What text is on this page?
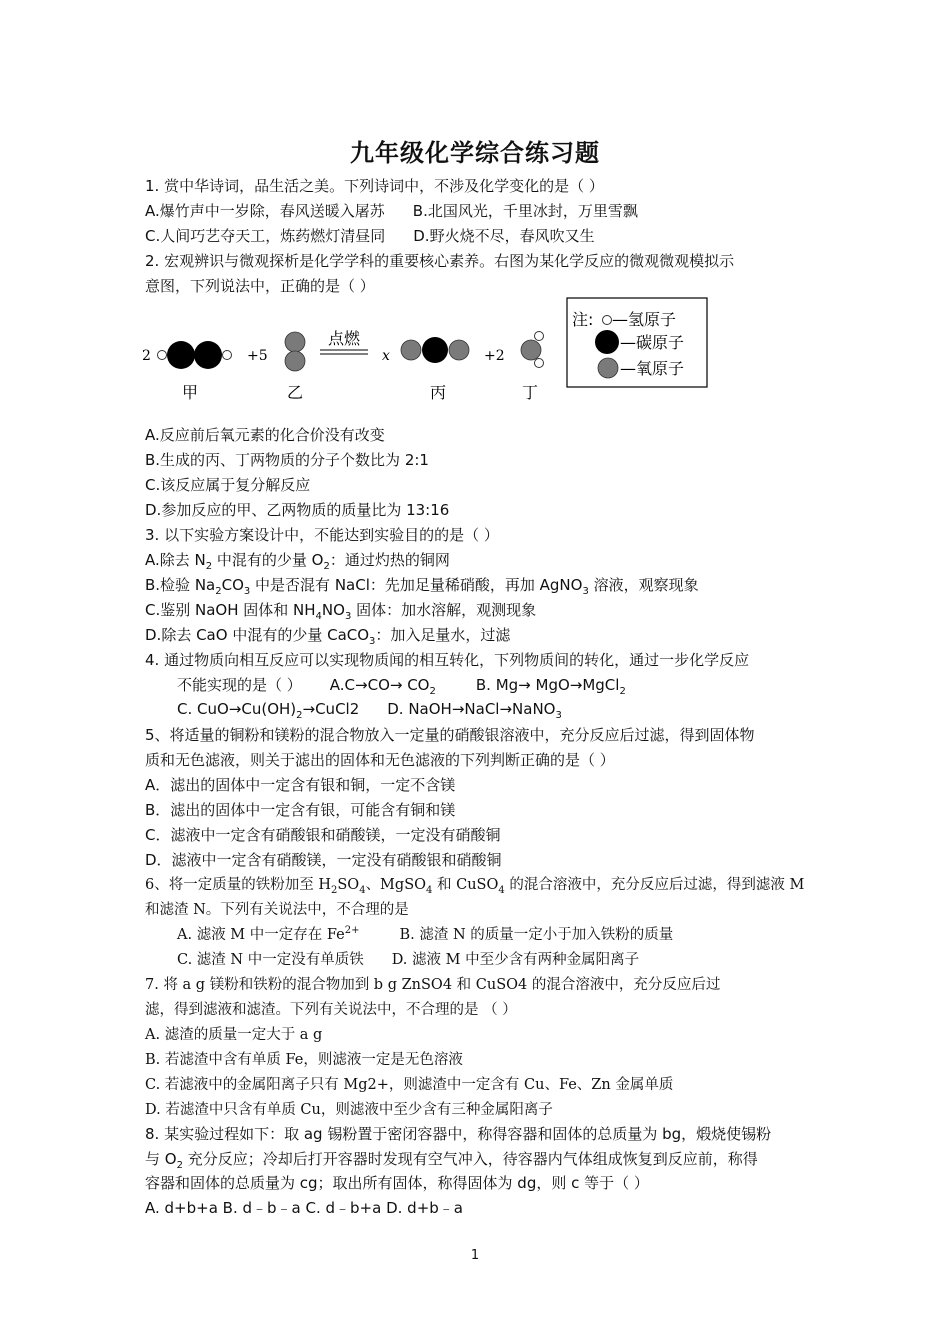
九年级化学综合练习题
1. 赏中华诗词，品生活之美。下列诗词中，不涉及化学变化的是（ ）
A.爆竹声中一岁除，春风送暖入屠苏 B.北国风光，千里冰封，万里雪飘
C.人间巧艺夺天工，炼药燃灯清昼同 D.野火烧不尽，春风吹又生
2. 宏观辨识与微观探析是化学学科的重要核心素养。右图为某化学反应的微观微观模拟示
意图，下列说法中，正确的是（ ）
2
甲
+5
乙
点燃
x
丙
+2
丁
注: —氢原子
—碳原子
—氧原子
A.反应前后氧元素的化合价没有改变
B.生成的丙、丁两物质的分子个数比为 2:1
C.该反应属于复分解反应
D.参加反应的甲、乙两物质的质量比为 13:16
3. 以下实验方案设计中，不能达到实验目的的是（ ）
A.除去 $N_2$ 中混有的少量 $O_2$：通过灼热的铜网
B.检验 $Na_2CO_3$ 中是否混有 NaCl：先加足量稀硝酸，再加 AgNO$_3$ 溶液，观察现象
C.鉴别 NaOH 固体和 $NH_4NO_3$ 固体：加水溶解，观测现象
D.除去 CaO 中混有的少量 CaCO$_3$：加入足量水，过滤
4. 通过物质向相互反应可以实现物质闻的相互转化，下列物质间的转化，通过一步化学反应
不能实现的是（ ） $A.C\to CO\to CO_2$	B. Mg→ MgO→MgCl$_2$
C. $CuO\to Cu(OH)_2\to CuCl2$ D. NaOH→NaCl→NaNO$_3$
5、将适量的铜粉和镁粉的混合物放入一定量的硝酸银溶液中，充分反应后过滤，得到固体物
质和无色滤液，则关于滤出的固体和无色滤液的下列判断正确的是（ ）
A．滤出的固体中一定含有银和铜，一定不含镁
B．滤出的固体中一定含有银，可能含有铜和镁
C．滤液中一定含有硝酸银和硝酸镁，一定没有硝酸铜
D．滤液中一定含有硝酸镁，一定没有硝酸银和硝酸铜
6、将一定质量的铁粉加至 $H_2SO_4$、MgSO$_4$ 和 CuSO$_4$ 的混合溶液中，充分反应后过滤，得到滤液 M
和滤渣 N。下列有关说法中，不合理的是
A. 滤液 M 中一定存在 $Fe^{2+}$	B. 滤渣 N 的质量一定小于加入铁粉的质量
C. 滤渣 N 中一定没有单质铁 D. 滤液 M 中至少含有两种金属阳离子
7. 将 a g 镁粉和铁粉的混合物加到 b g ZnSO4 和 CuSO4 的混合溶液中，充分反应后过
滤，得到滤液和滤渣。下列有关说法中，不合理的是 （ ）
A. 滤渣的质量一定大于 a g
B. 若滤渣中含有单质 Fe，则滤液一定是无色溶液
C. 若滤液中的金属阳离子只有 Mg2+，则滤渣中一定含有 Cu、Fe、Zn 金属单质
D. 若滤渣中只含有单质 Cu，则滤液中至少含有三种金属阳离子
8. 某实验过程如下：取 ag 锡粉置于密闭容器中，称得容器和固体的总质量为 bg，煅烧使锡粉
与 $O_2$ 充分反应；冷却后打开容器时发现有空气冲入，待容器内气体组成恢复到反应前，称得
容器和固体的总质量为 cg；取出所有固体，称得固体为 dg，则 c 等于（ ）
A. d+b+a B. d﹣b﹣a C. d﹣b+a D. d+b﹣a
1
